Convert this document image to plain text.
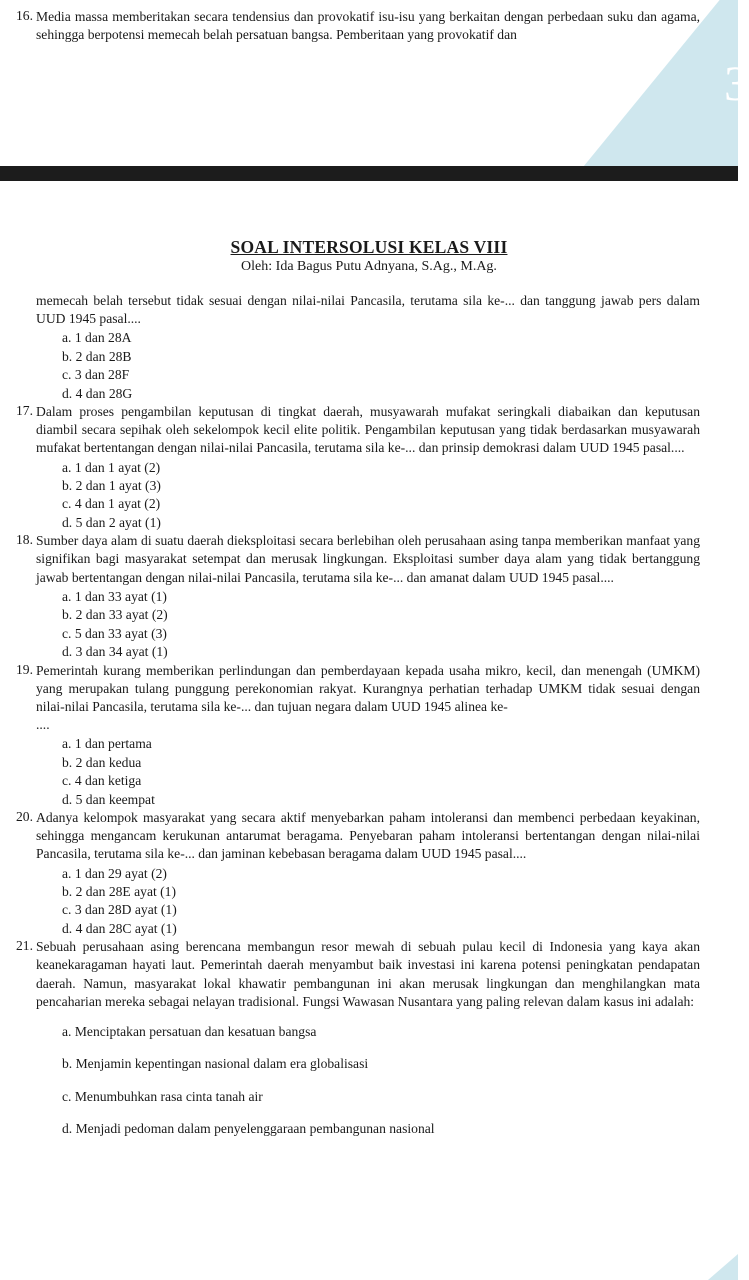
3
16. Media massa memberitakan secara tendensius dan provokatif isu-isu yang berkaitan dengan perbedaan suku dan agama, sehingga berpotensi memecah belah persatuan bangsa. Pemberitaan yang provokatif dan

SOAL INTERSOLUSI KELAS VIII
Oleh: Ida Bagus Putu Adnyana, S.Ag., M.Ag.

memecah belah tersebut tidak sesuai dengan nilai-nilai Pancasila, terutama sila ke-... dan tanggung jawab pers dalam UUD 1945 pasal....

a. 1 dan 28A
b. 2 dan 28B
c. 3 dan 28F
d. 4 dan 28G
17. Dalam proses pengambilan keputusan di tingkat daerah, musyawarah mufakat seringkali diabaikan dan keputusan diambil secara sepihak oleh sekelompok kecil elite politik. Pengambilan keputusan yang tidak berdasarkan musyawarah mufakat bertentangan dengan nilai-nilai Pancasila, terutama sila ke-... dan prinsip demokrasi dalam UUD 1945 pasal....

a. 1 dan 1 ayat (2)
b. 2 dan 1 ayat (3)
c. 4 dan 1 ayat (2)
d. 5 dan 2 ayat (1)
18. Sumber daya alam di suatu daerah dieksploitasi secara berlebihan oleh perusahaan asing tanpa memberikan manfaat yang signifikan bagi masyarakat setempat dan merusak lingkungan. Eksploitasi sumber daya alam yang tidak bertanggung jawab bertentangan dengan nilai-nilai Pancasila, terutama sila ke-... dan amanat dalam UUD 1945 pasal....

a. 1 dan 33 ayat (1)
b. 2 dan 33 ayat (2)
c. 5 dan 33 ayat (3)
d. 3 dan 34 ayat (1)
19. Pemerintah kurang memberikan perlindungan dan pemberdayaan kepada usaha mikro, kecil, dan menengah (UMKM) yang merupakan tulang punggung perekonomian rakyat. Kurangnya perhatian terhadap UMKM tidak sesuai dengan nilai-nilai Pancasila, terutama sila ke-... dan tujuan negara dalam UUD 1945 alinea ke-

....
a. 1 dan pertama
b. 2 dan kedua
c. 4 dan ketiga
d. 5 dan keempat
20. Adanya kelompok masyarakat yang secara aktif menyebarkan paham intoleransi dan membenci perbedaan keyakinan, sehingga mengancam kerukunan antarumat beragama. Penyebaran paham intoleransi bertentangan dengan nilai-nilai Pancasila, terutama sila ke-... dan jaminan kebebasan beragama dalam UUD 1945 pasal....

a. 1 dan 29 ayat (2)
b. 2 dan 28E ayat (1)
c. 3 dan 28D ayat (1)
d. 4 dan 28C ayat (1)
21. Sebuah perusahaan asing berencana membangun resor mewah di sebuah pulau kecil di Indonesia yang kaya akan keanekaragaman hayati laut. Pemerintah daerah menyambut baik investasi ini karena potensi peningkatan pendapatan daerah. Namun, masyarakat lokal khawatir pembangunan ini akan merusak lingkungan dan menghilangkan mata pencaharian mereka sebagai nelayan tradisional. Fungsi Wawasan Nusantara yang paling relevan dalam kasus ini adalah:

a. Menciptakan persatuan dan kesatuan bangsa
b. Menjamin kepentingan nasional dalam era globalisasi
c. Menumbuhkan rasa cinta tanah air
d. Menjadi pedoman dalam penyelenggaraan pembangunan nasional
